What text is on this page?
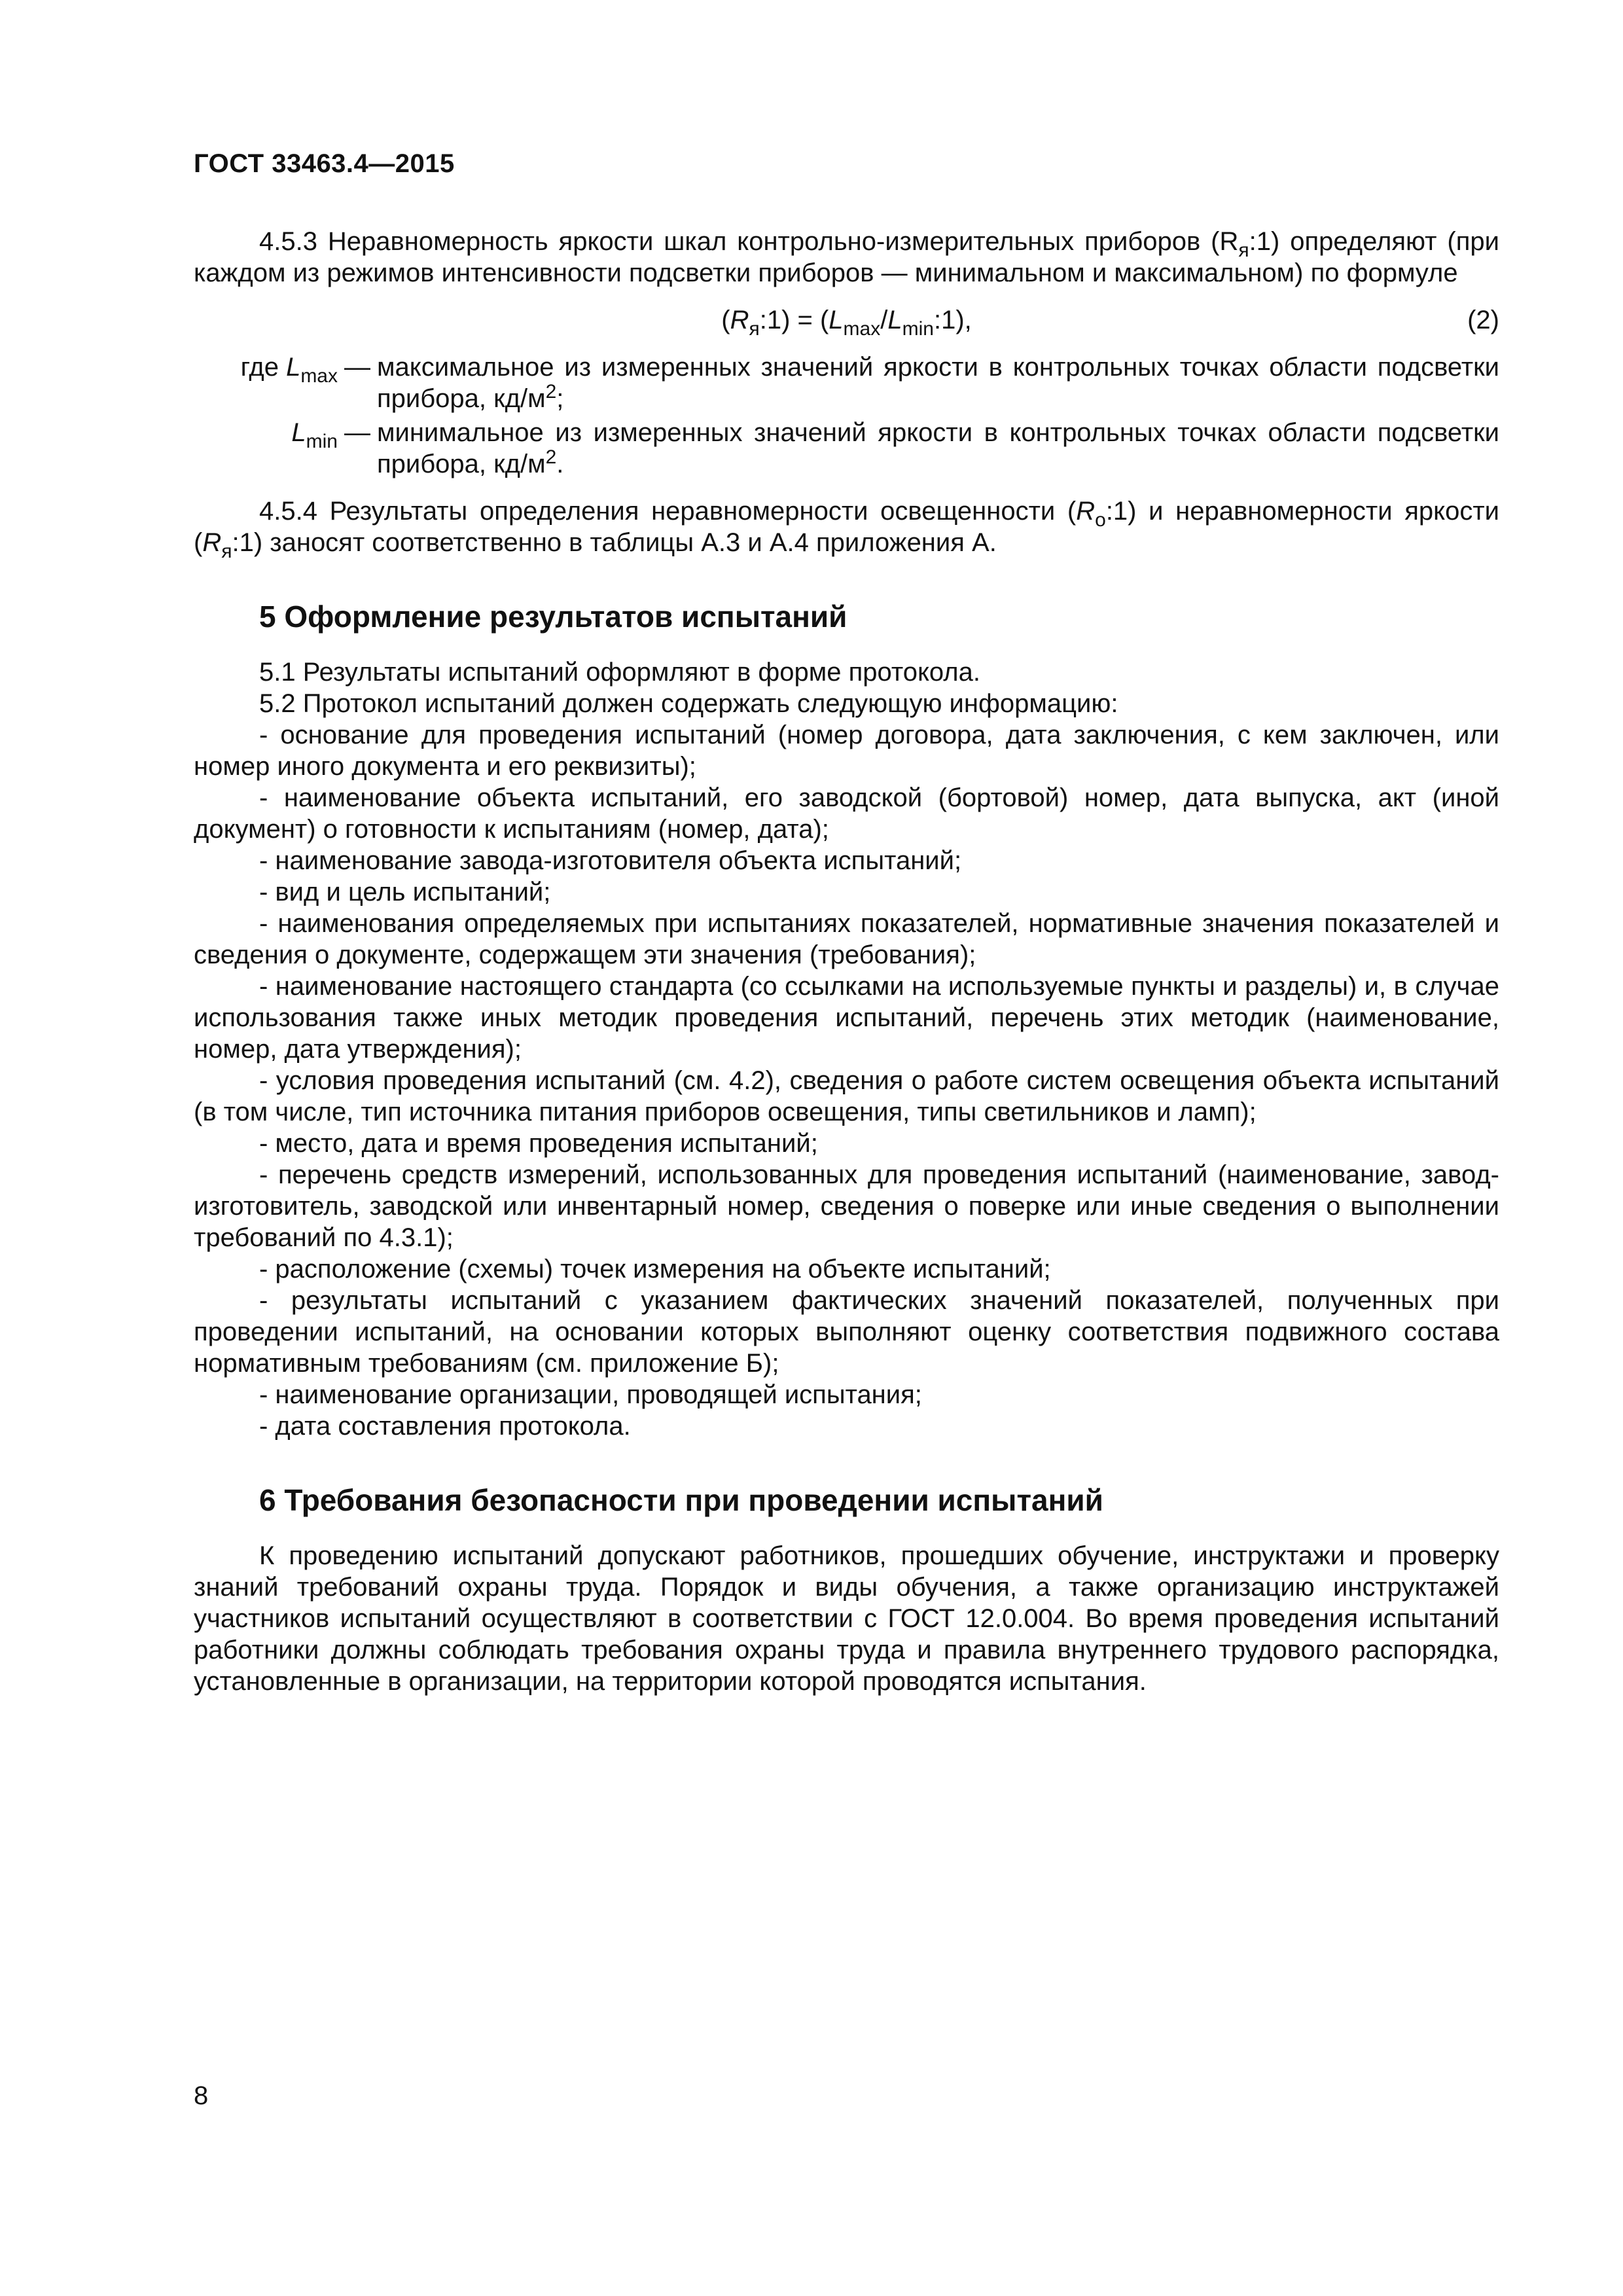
ГОСТ 33463.4—2015

4.5.3 Неравномерность яркости шкал контрольно-измерительных приборов $(R_я:1)$ определяют (при каждом из режимов интенсивности подсветки приборов — минимальном и максимальном) по формуле

$(R_я:1)$ = $(L_{max}/L_{min}:1)$,	(2)
где $L_{max}$ — максимальное из измеренных значений яркости в контрольных точках области подсветки прибора, $кд/м^2$;
$L_{min}$ — минимальное из измеренных значений яркости в контрольных точках области подсветки прибора, $кд/м^2$.

4.5.4 Результаты определения неравномерности освещенности $(R_о:1)$ и неравномерности яркости $(R_я:1)$ заносят соответственно в таблицы А.3 и А.4 приложения А.

5 Оформление результатов испытаний

5.1 Результаты испытаний оформляют в форме протокола.

5.2 Протокол испытаний должен содержать следующую информацию:

- основание для проведения испытаний (номер договора, дата заключения, с кем заключен, или номер иного документа и его реквизиты);

- наименование объекта испытаний, его заводской (бортовой) номер, дата выпуска, акт (иной документ) о готовности к испытаниям (номер, дата);

- наименование завода-изготовителя объекта испытаний;

- вид и цель испытаний;

- наименования определяемых при испытаниях показателей, нормативные значения показателей и сведения о документе, содержащем эти значения (требования);

- наименование настоящего стандарта (со ссылками на используемые пункты и разделы) и, в случае использования также иных методик проведения испытаний, перечень этих методик (наименование, номер, дата утверждения);

- условия проведения испытаний (см. 4.2), сведения о работе систем освещения объекта испытаний (в том числе, тип источника питания приборов освещения, типы светильников и ламп);

- место, дата и время проведения испытаний;

- перечень средств измерений, использованных для проведения испытаний (наименование, завод-изготовитель, заводской или инвентарный номер, сведения о поверке или иные сведения о выполнении требований по 4.3.1);

- расположение (схемы) точек измерения на объекте испытаний;

- результаты испытаний с указанием фактических значений показателей, полученных при проведении испытаний, на основании которых выполняют оценку соответствия подвижного состава нормативным требованиям (см. приложение Б);

- наименование организации, проводящей испытания;

- дата составления протокола.

6 Требования безопасности при проведении испытаний

К проведению испытаний допускают работников, прошедших обучение, инструктажи и проверку знаний требований охраны труда. Порядок и виды обучения, а также организацию инструктажей участников испытаний осуществляют в соответствии с ГОСТ 12.0.004. Во время проведения испытаний работники должны соблюдать требования охраны труда и правила внутреннего трудового распорядка, установленные в организации, на территории которой проводятся испытания.

8
